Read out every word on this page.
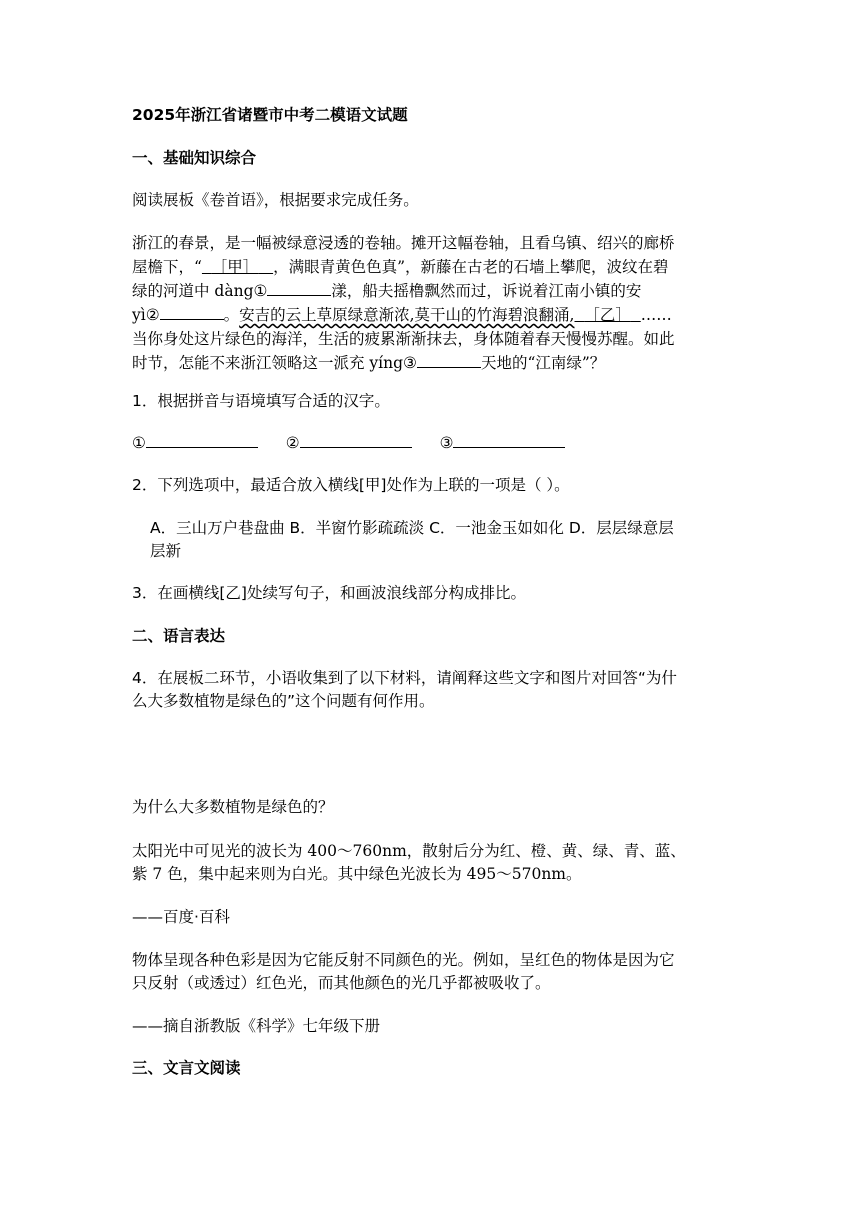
2025年浙江省诸暨市中考二模语文试题
一、基础知识综合
阅读展板《卷首语》，根据要求完成任务。
浙江的春景，是一幅被绿意浸透的卷轴。摊开这幅卷轴，且看乌镇、绍兴的廊桥
屋檐下，“ ［甲］ ，满眼青黄色色真”，新藤在古老的石墙上攀爬，波纹在碧
绿的河道中 dàng①	漾，船夫摇橹飘然而过，诉说着江南小镇的安
yì②	。安吉的云上草原绿意渐浓,莫干山的竹海碧浪翻涌, ［乙］ ……
当你身处这片绿色的海洋，生活的疲累渐渐抹去，身体随着春天慢慢苏醒。如此
时节，怎能不来浙江领略这一派充 yíng③	天地的“江南绿”？
1．根据拼音与语境填写合适的汉字。
①	②	③
2．下列选项中，最适合放入横线[甲]处作为上联的一项是（ ）。
A．三山万户巷盘曲 B．半窗竹影疏疏淡 C．一池金玉如如化 D．层层绿意层
层新
3．在画横线[乙]处续写句子，和画波浪线部分构成排比。
二、语言表达
4．在展板二环节，小语收集到了以下材料，请阐释这些文字和图片对回答“为什
么大多数植物是绿色的”这个问题有何作用。
为什么大多数植物是绿色的？
太阳光中可见光的波长为 400～760nm，散射后分为红、橙、黄、绿、青、蓝、
紫 7 色，集中起来则为白光。其中绿色光波长为 495～570nm。
——百度·百科
物体呈现各种色彩是因为它能反射不同颜色的光。例如，呈红色的物体是因为它
只反射（或透过）红色光，而其他颜色的光几乎都被吸收了。
——摘自浙教版《科学》七年级下册
三、文言文阅读
